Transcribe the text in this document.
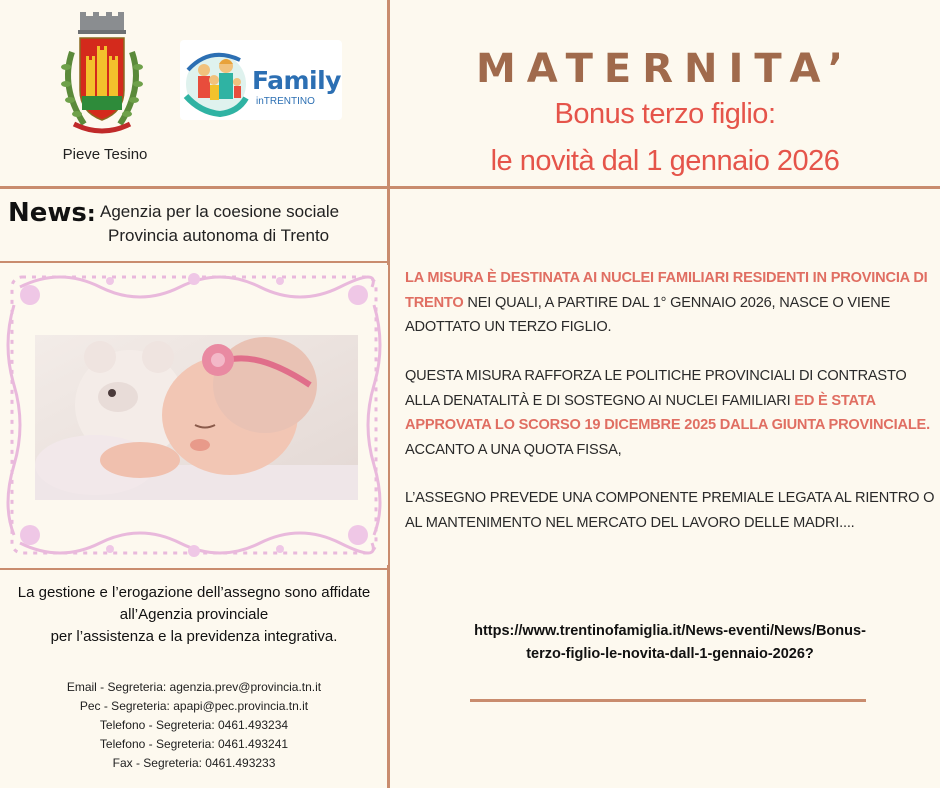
Pieve Tesino
Family
inTRENTINO
MATERNITA’
Bonus terzo figlio:
le novità dal 1 gennaio 2026
News: Agenzia per la coesione sociale
Provincia autonoma di Trento
La gestione e l’erogazione dell’assegno sono affidate
all’Agenzia provinciale
per l’assistenza e la previdenza integrativa.
Email - Segreteria: agenzia.prev@provincia.tn.it
Pec - Segreteria: apapi@pec.provincia.tn.it
Telefono - Segreteria: 0461.493234
Telefono - Segreteria: 0461.493241
Fax - Segreteria: 0461.493233
LA MISURA È DESTINATA AI NUCLEI FAMILIARI RESIDENTI IN PROVINCIA DI TRENTO NEI QUALI, A PARTIRE DAL 1° GENNAIO 2026, NASCE O VIENE ADOTTATO UN TERZO FIGLIO.
QUESTA MISURA RAFFORZA LE POLITICHE PROVINCIALI DI CONTRASTO ALLA DENATALITÀ E DI SOSTEGNO AI NUCLEI FAMILIARI ED È STATA APPROVATA LO SCORSO 19 DICEMBRE 2025 DALLA GIUNTA PROVINCIALE. ACCANTO A UNA QUOTA FISSA,
L’ASSEGNO PREVEDE UNA COMPONENTE PREMIALE LEGATA AL RIENTRO O AL MANTENIMENTO NEL MERCATO DEL LAVORO DELLE MADRI....
https://www.trentinofamiglia.it/News-eventi/News/Bonus-terzo-figlio-le-novita-dall-1-gennaio-2026?
